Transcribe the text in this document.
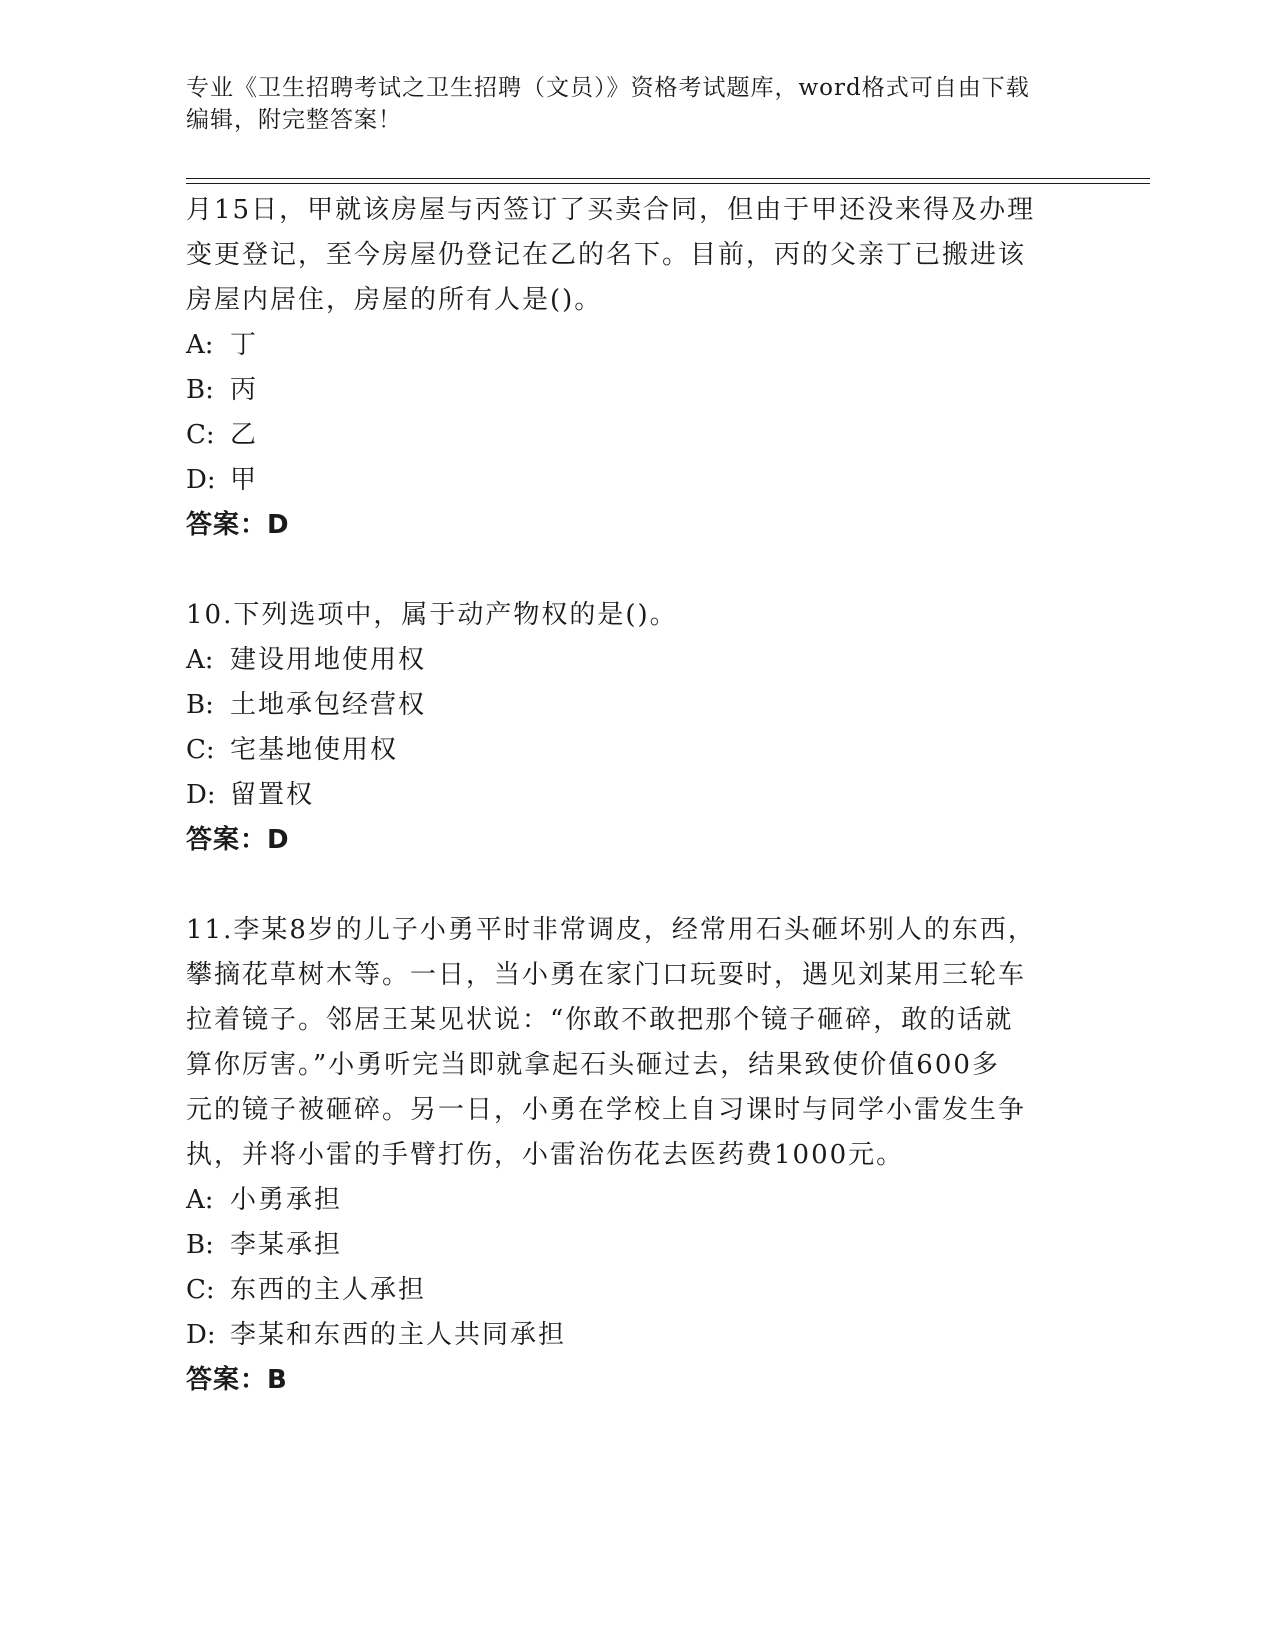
专业《卫生招聘考试之卫生招聘（文员）》资格考试题库，word格式可自由下载
编辑，附完整答案！

月15日，甲就该房屋与丙签订了买卖合同，但由于甲还没来得及办理

变更登记，至今房屋仍登记在乙的名下。目前，丙的父亲丁已搬进该

房屋内居住，房屋的所有人是()。

A: 丁

B: 丙

C: 乙

D: 甲

答案：D

10.下列选项中，属于动产物权的是()。

A: 建设用地使用权

B: 土地承包经营权

C: 宅基地使用权

D: 留置权

答案：D

11.李某8岁的儿子小勇平时非常调皮，经常用石头砸坏别人的东西，

攀摘花草树木等。一日，当小勇在家门口玩耍时，遇见刘某用三轮车

拉着镜子。邻居王某见状说：“你敢不敢把那个镜子砸碎，敢的话就

算你厉害。”小勇听完当即就拿起石头砸过去，结果致使价值600多

元的镜子被砸碎。另一日，小勇在学校上自习课时与同学小雷发生争

执，并将小雷的手臂打伤，小雷治伤花去医药费1000元。

A: 小勇承担

B: 李某承担

C: 东西的主人承担

D: 李某和东西的主人共同承担

答案：B
